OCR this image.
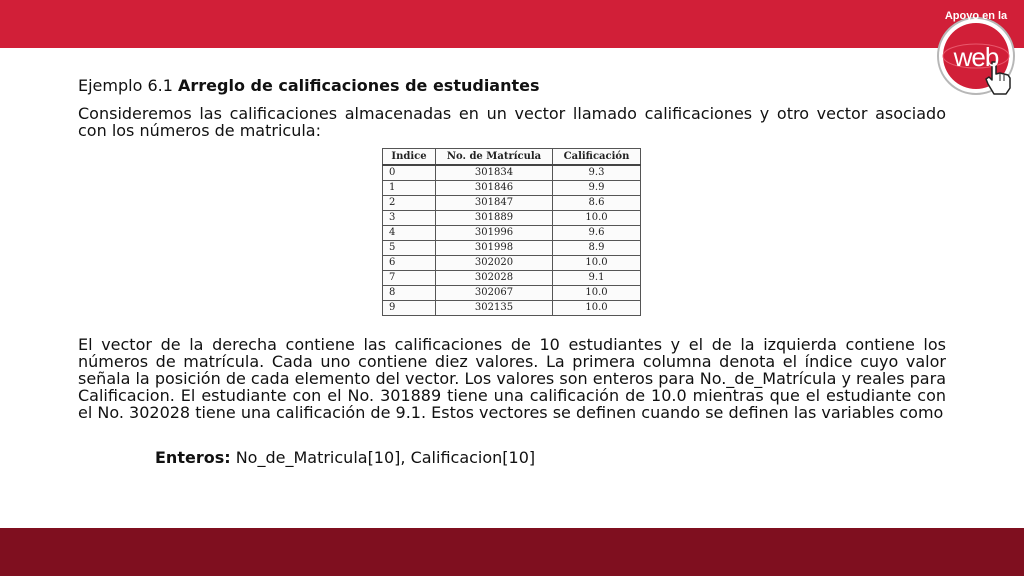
Apoyo en la
web
Ejemplo 6.1 Arreglo de calificaciones de estudiantes

Consideremos las calificaciones almacenadas en un vector llamado calificaciones y otro vector asociado con los números de matricula:

Indice	No. de Matrícula	Calificación
0	301834	9.3
1	301846	9.9
2	301847	8.6
3	301889	10.0
4	301996	9.6
5	301998	8.9
6	302020	10.0
7	302028	9.1
8	302067	10.0
9	302135	10.0

El vector de la derecha contiene las calificaciones de 10 estudiantes y el de la izquierda contiene los números de matrícula. Cada uno contiene diez valores. La primera columna denota el índice cuyo valor señala la posición de cada elemento del vector. Los valores son enteros para No._de_Matrícula y reales para Calificacion. El estudiante con el No. 301889 tiene una calificación de 10.0 mientras que el estudiante con el No. 302028 tiene una calificación de 9.1. Estos vectores se definen cuando se definen las variables como

Enteros: No_de_Matricula[10], Calificacion[10]
